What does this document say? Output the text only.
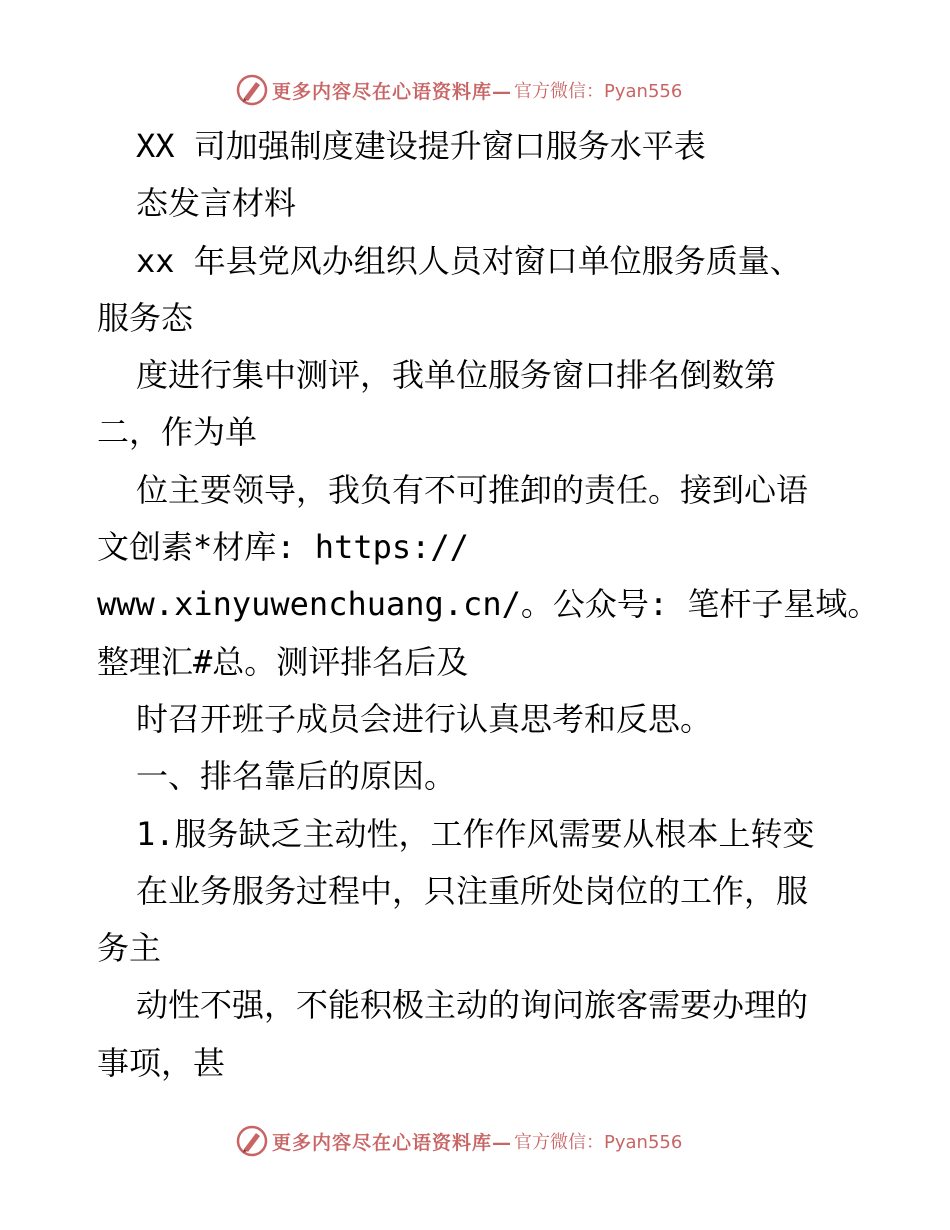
更多内容尽在心语资料库— 官方微信：Pyan556
XX 司加强制度建设提升窗口服务水平表
态发言材料
xx 年县党风办组织人员对窗口单位服务质量、
服务态
度进行集中测评，我单位服务窗口排名倒数第
二，作为单
位主要领导，我负有不可推卸的责任。接到心语
文创素*材库: https://
www.xinyuwenchuang.cn/。公众号: 笔杆子星域。
整理汇#总。测评排名后及
时召开班子成员会进行认真思考和反思。
一、排名靠后的原因。
1.服务缺乏主动性，工作作风需要从根本上转变
在业务服务过程中，只注重所处岗位的工作，服
务主
动性不强，不能积极主动的询问旅客需要办理的
事项，甚
更多内容尽在心语资料库— 官方微信：Pyan556
